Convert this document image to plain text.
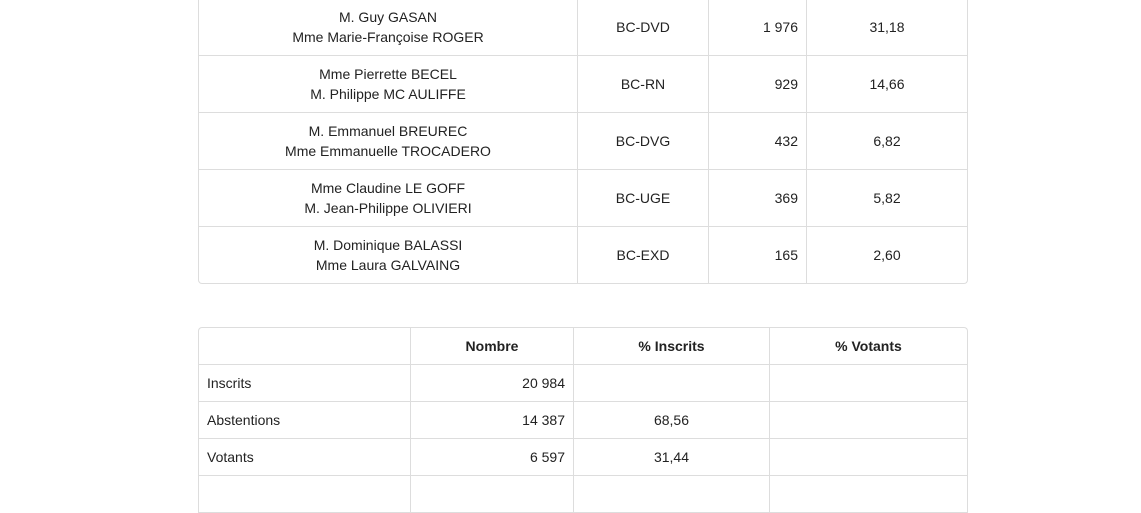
M. Guy GASAN
Mme Marie-Françoise ROGER	BC-DVD	1 976	31,18

Mme Pierrette BECEL
M. Philippe MC AULIFFE	BC-RN	929	14,66

M. Emmanuel BREUREC
Mme Emmanuelle TROCADERO	BC-DVG	432	6,82

Mme Claudine LE GOFF
M. Jean-Philippe OLIVIERI	BC-UGE	369	5,82

M. Dominique BALASSI
Mme Laura GALVAING	BC-EXD	165	2,60
	Nombre	% Inscrits	% Votants
Inscrits	20 984		
Abstentions	14 387	68,56	
Votants	6 597	31,44	
